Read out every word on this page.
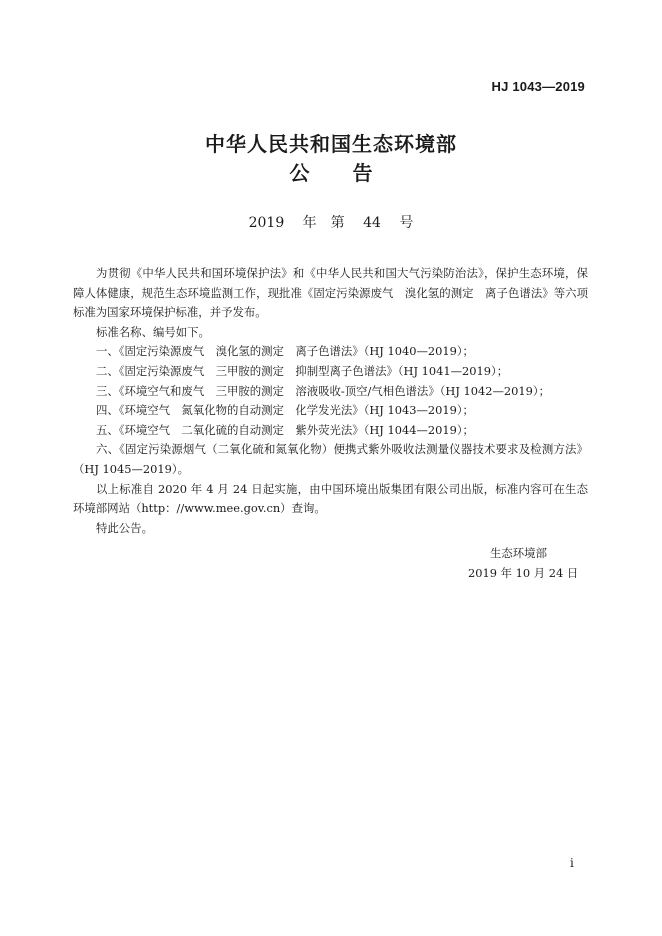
HJ 1043—2019
中华人民共和国生态环境部
公 告
2019 年　第 44 号

为贯彻《中华人民共和国环境保护法》和《中华人民共和国大气污染防治法》，保护生态环境，保障人体健康，规范生态环境监测工作，现批准《固定污染源废气　溴化氢的测定　离子色谱法》等六项标准为国家环境保护标准，并予发布。

标准名称、编号如下。

一、《固定污染源废气　溴化氢的测定　离子色谱法》（HJ 1040—2019）；

二、《固定污染源废气　三甲胺的测定　抑制型离子色谱法》（HJ 1041—2019）；

三、《环境空气和废气　三甲胺的测定　溶液吸收-顶空/气相色谱法》（HJ 1042—2019）；

四、《环境空气　氮氧化物的自动测定　化学发光法》（HJ 1043—2019）；

五、《环境空气　二氧化硫的自动测定　紫外荧光法》（HJ 1044—2019）；

六、《固定污染源烟气（二氧化硫和氮氧化物）便携式紫外吸收法测量仪器技术要求及检测方法》（HJ 1045—2019）。

以上标准自 2020 年 4 月 24 日起实施，由中国环境出版集团有限公司出版，标准内容可在生态环境部网站（http：//www.mee.gov.cn）查询。

特此公告。

生态环境部
2019 年 10 月 24 日
i
